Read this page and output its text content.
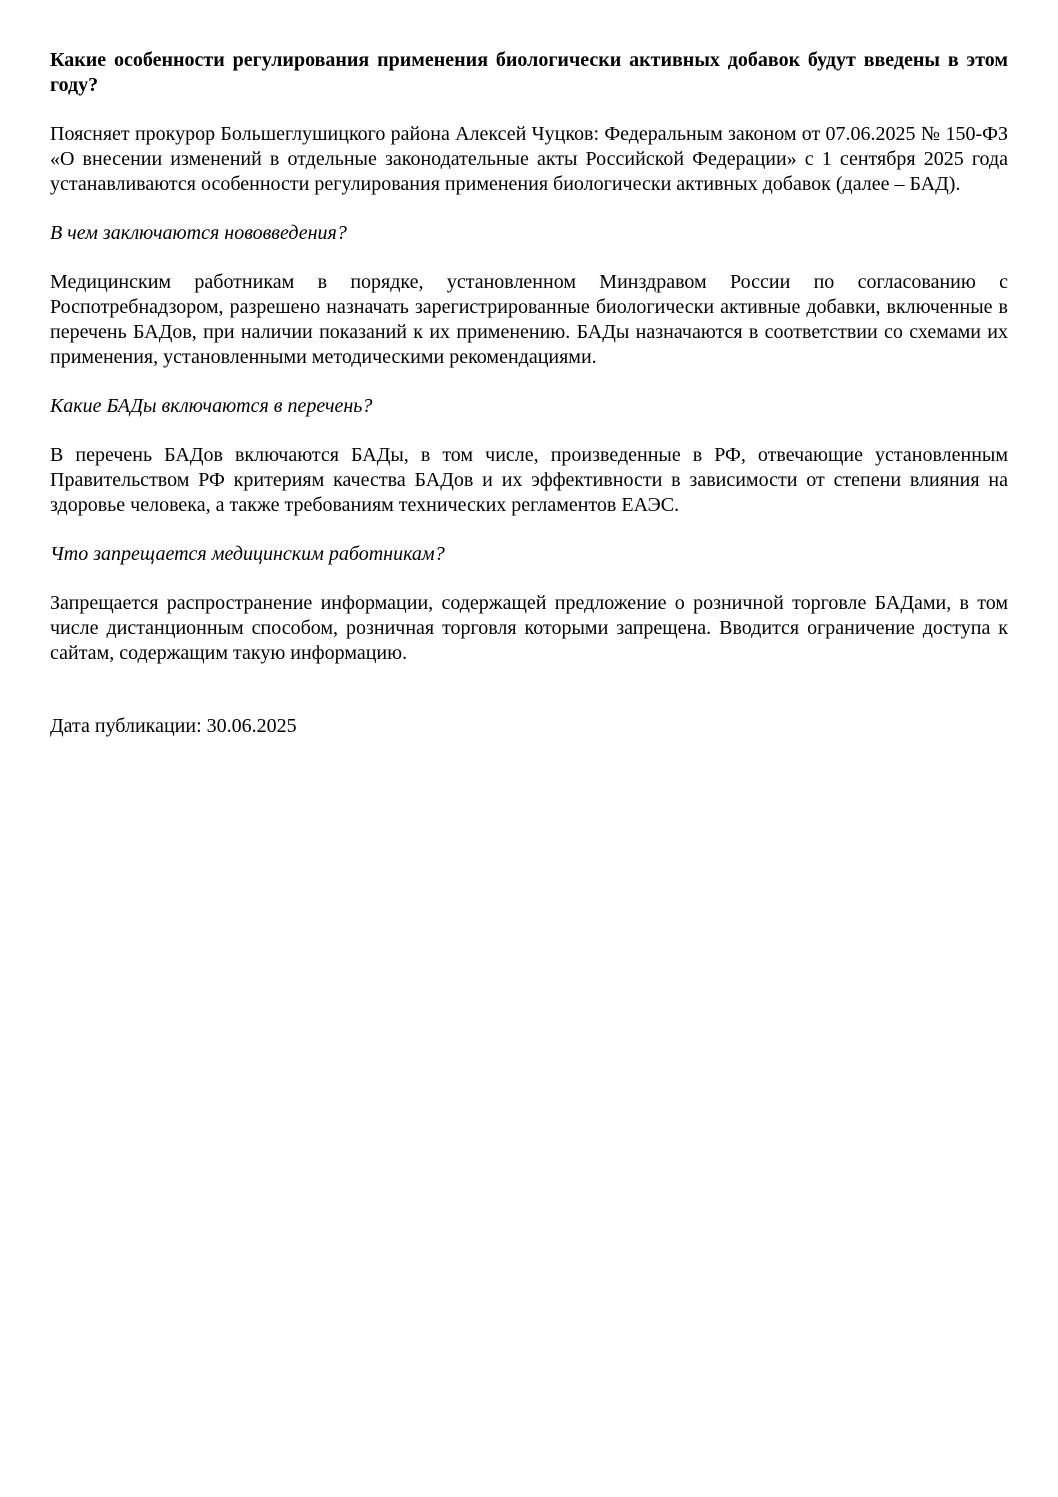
Какие особенности регулирования применения биологически активных добавок будут введены в этом году?

Поясняет прокурор Большеглушицкого района Алексей Чуцков: Федеральным законом от 07.06.2025 № 150-ФЗ «О внесении изменений в отдельные законодательные акты Российской Федерации» с 1 сентября 2025 года устанавливаются особенности регулирования применения биологически активных добавок (далее – БАД).

В чем заключаются нововведения?

Медицинским работникам в порядке, установленном Минздравом России по согласованию с Роспотребнадзором, разрешено назначать зарегистрированные биологически активные добавки, включенные в перечень БАДов, при наличии показаний к их применению. БАДы назначаются в соответствии со схемами их применения, установленными методическими рекомендациями.

Какие БАДы включаются в перечень?

В перечень БАДов включаются БАДы, в том числе, произведенные в РФ, отвечающие установленным Правительством РФ критериям качества БАДов и их эффективности в зависимости от степени влияния на здоровье человека, а также требованиям технических регламентов ЕАЭС.

Что запрещается медицинским работникам?

Запрещается распространение информации, содержащей предложение о розничной торговле БАДами, в том числе дистанционным способом, розничная торговля которыми запрещена. Вводится ограничение доступа к сайтам, содержащим такую информацию.

Дата публикации: 30.06.2025
